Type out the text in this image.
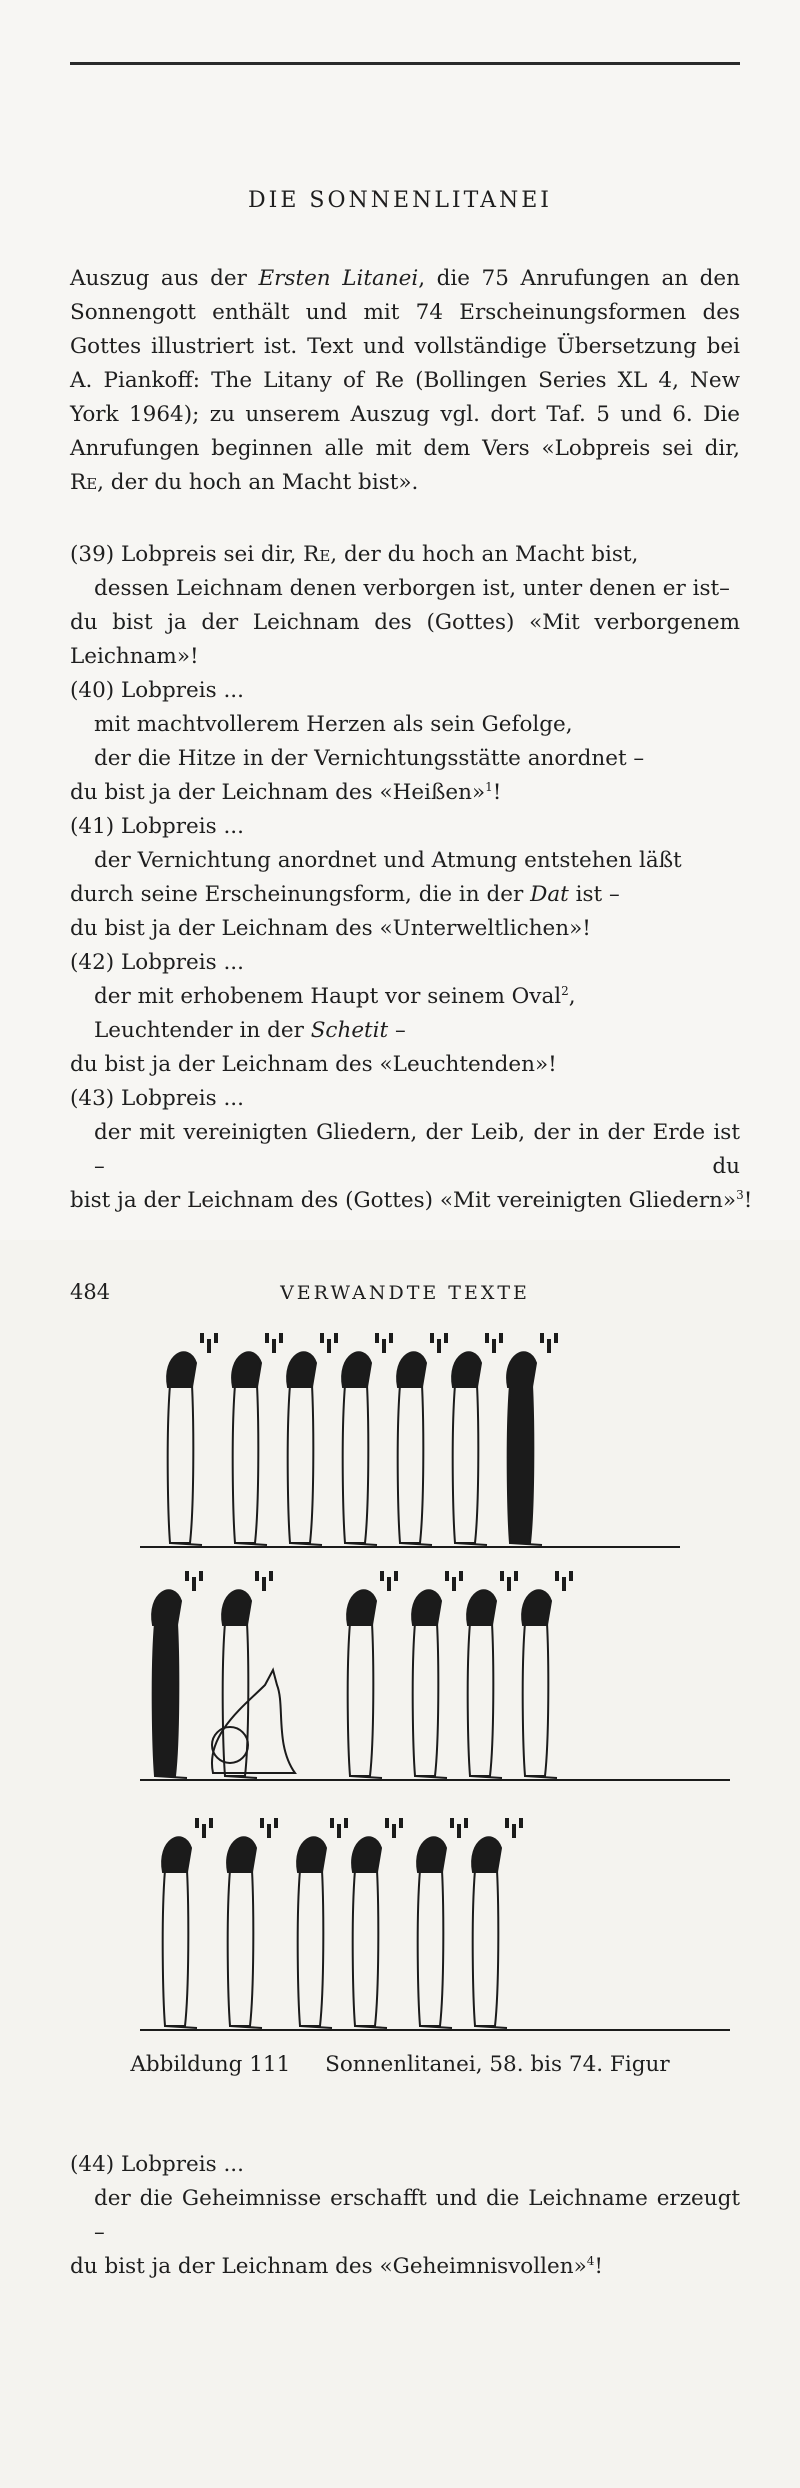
DIE SONNENLITANEI
Auszug aus der Ersten Litanei, die 75 Anrufungen an den Sonnengott enthält und mit 74 Erscheinungsformen des Gottes illustriert ist. Text und vollständige Übersetzung bei A. Piankoff: The Litany of Re (Bollingen Series XL 4, New York 1964); zu unserem Auszug vgl. dort Taf. 5 und 6. Die Anrufungen beginnen alle mit dem Vers «Lobpreis sei dir, Re, der du hoch an Macht bist».
(39) Lobpreis sei dir, Re, der du hoch an Macht bist,
dessen Leichnam denen verborgen ist, unter denen er ist–
du bist ja der Leichnam des (Gottes) «Mit verborgenem
Leichnam»!
(40) Lobpreis ...
mit machtvollerem Herzen als sein Gefolge,
der die Hitze in der Vernichtungsstätte anordnet –
du bist ja der Leichnam des «Heißen»$^1$!
(41) Lobpreis ...
der Vernichtung anordnet und Atmung entstehen läßt
durch seine Erscheinungsform, die in der Dat ist –
du bist ja der Leichnam des «Unterweltlichen»!
(42) Lobpreis ...
der mit erhobenem Haupt vor seinem Oval$^2$,
Leuchtender in der Schetit –
du bist ja der Leichnam des «Leuchtenden»!
(43) Lobpreis ...
der mit vereinigten Gliedern, der Leib, der in der Erde ist – du
bist ja der Leichnam des (Gottes) «Mit vereinigten Gliedern»$^3$!
484	VERWANDTE TEXTE
Abbildung 111 Sonnenlitanei, 58. bis 74. Figur
(44) Lobpreis ...
der die Geheimnisse erschafft und die Leichname erzeugt –
du bist ja der Leichnam des «Geheimnisvollen»$^4$!
